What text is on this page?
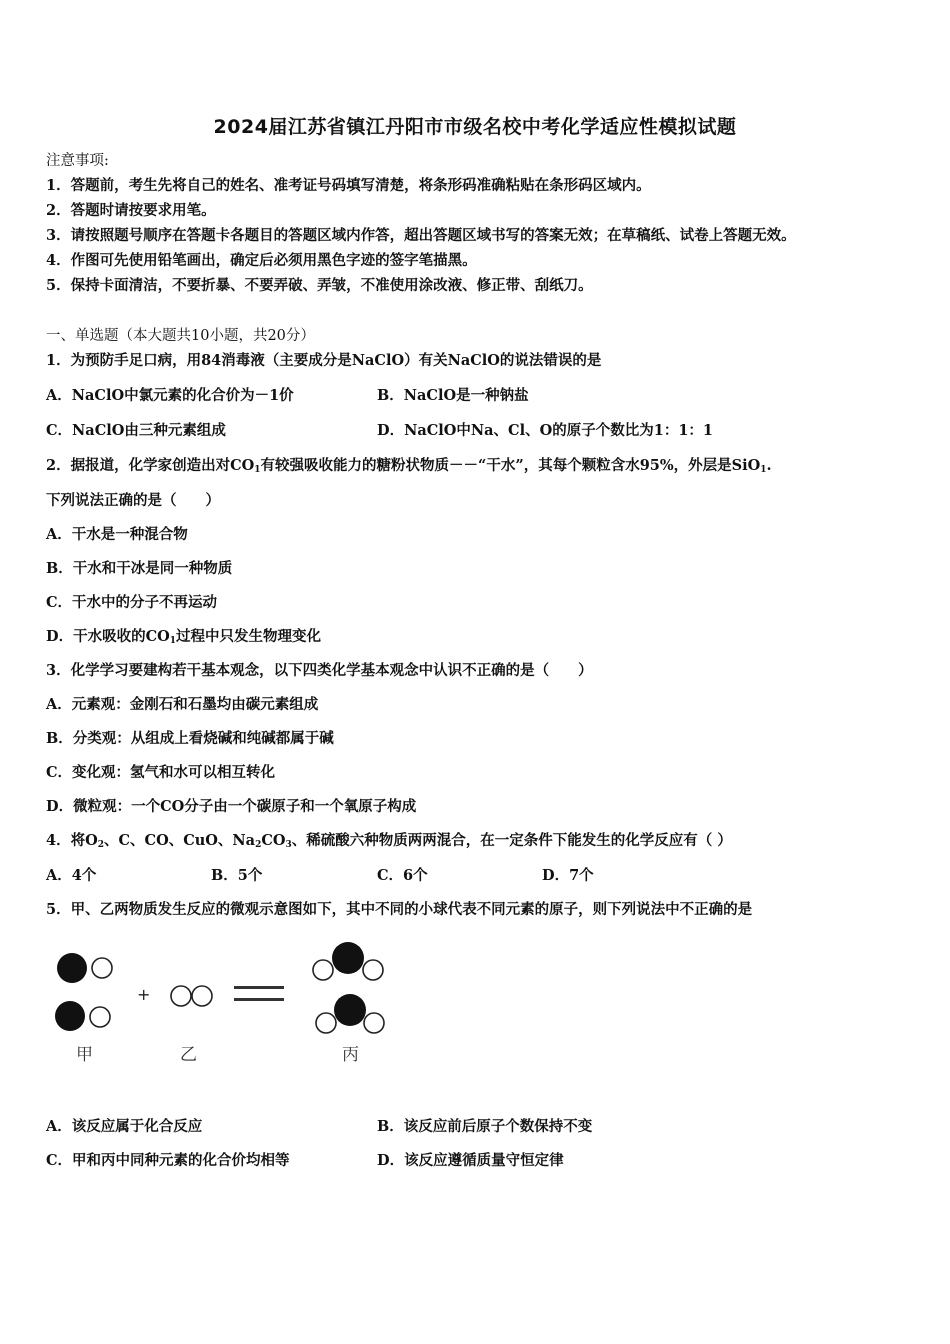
2024届江苏省镇江丹阳市市级名校中考化学适应性模拟试题
注意事项:
1．答题前，考生先将自己的姓名、准考证号码填写清楚，将条形码准确粘贴在条形码区域内。
2．答题时请按要求用笔。
3．请按照题号顺序在答题卡各题目的答题区域内作答，超出答题区域书写的答案无效；在草稿纸、试卷上答题无效。
4．作图可先使用铅笔画出，确定后必须用黑色字迹的签字笔描黑。
5．保持卡面清洁，不要折暴、不要弄破、弄皱，不准使用涂改液、修正带、刮纸刀。
一、单选题（本大题共10小题，共20分）
1．为预防手足口病，用84消毒液（主要成分是NaClO）有关NaClO的说法错误的是
A．NaClO中氯元素的化合价为－1价	B．NaClO是一种钠盐
C．NaClO由三种元素组成	D．NaClO中Na、Cl、O的原子个数比为1：1：1
2．据报道，化学家创造出对$CO_1$有较强吸收能力的糖粉状物质－－“干水”，其每个颗粒含水95%，外层是SiO$_1$.
下列说法正确的是（　　）
A．干水是一种混合物
B．干水和干冰是同一种物质
C．干水中的分子不再运动
D．干水吸收的$CO_1$过程中只发生物理变化
3．化学学习要建构若干基本观念，以下四类化学基本观念中认识不正确的是（　　）
A．元素观：金刚石和石墨均由碳元素组成
B．分类观：从组成上看烧碱和纯碱都属于碱
C．变化观：氢气和水可以相互转化
D．微粒观：一个CO分子由一个碳原子和一个氧原子构成
4．将$O_2$、C、CO、CuO、$Na_2CO_3$、稀硫酸六种物质两两混合，在一定条件下能发生的化学反应有（ ）
A．4个	B．5个	C．6个	D．7个
5．甲、乙两物质发生反应的微观示意图如下，其中不同的小球代表不同元素的原子，则下列说法中不正确的是
+
甲	乙	丙
A．该反应属于化合反应	B．该反应前后原子个数保持不变
C．甲和丙中同种元素的化合价均相等	D．该反应遵循质量守恒定律
